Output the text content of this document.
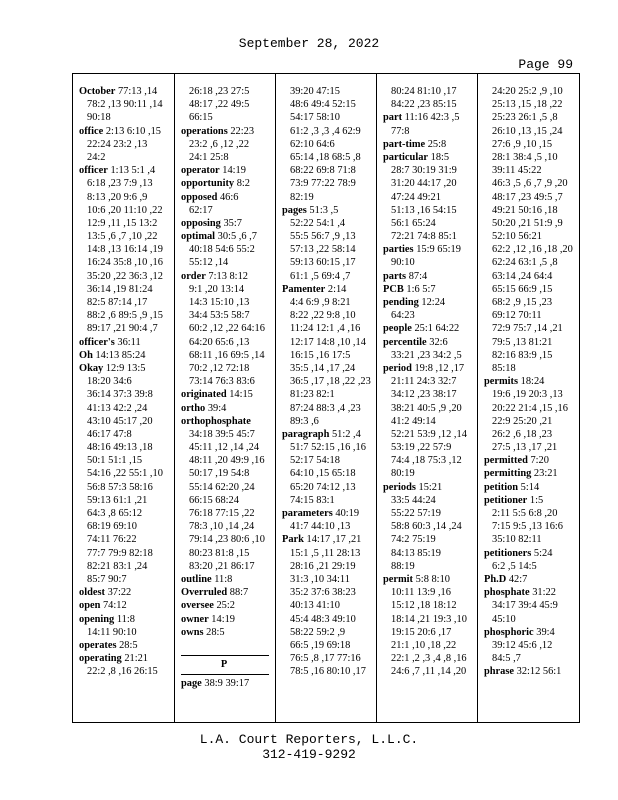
September 28, 2022
Page 99
October 77:13 ,14
78:2 ,13 90:11 ,14
90:18
office 2:13 6:10 ,15
22:24 23:2 ,13
24:2
officer 1:13 5:1 ,4
6:18 ,23 7:9 ,13
8:13 ,20 9:6 ,9
10:6 ,20 11:10 ,22
12:9 ,11 ,15 13:2
13:5 ,6 ,7 ,10 ,22
14:8 ,13 16:14 ,19
16:24 35:8 ,10 ,16
35:20 ,22 36:3 ,12
36:14 ,19 81:24
82:5 87:14 ,17
88:2 ,6 89:5 ,9 ,15
89:17 ,21 90:4 ,7
officer's 36:11
Oh 14:13 85:24
Okay 12:9 13:5
18:20 34:6
36:14 37:3 39:8
41:13 42:2 ,24
43:10 45:17 ,20
46:17 47:8
48:16 49:13 ,18
50:1 51:1 ,15
54:16 ,22 55:1 ,10
56:8 57:3 58:16
59:13 61:1 ,21
64:3 ,8 65:12
68:19 69:10
74:11 76:22
77:7 79:9 82:18
82:21 83:1 ,24
85:7 90:7
oldest 37:22
open 74:12
opening 11:8
14:11 90:10
operates 28:5
operating 21:21
22:2 ,8 ,16 26:15
26:18 ,23 27:5
48:17 ,22 49:5
66:15
operations 22:23
23:2 ,6 ,12 ,22
24:1 25:8
operator 14:19
opportunity 8:2
opposed 46:6
62:17
opposing 35:7
optimal 30:5 ,6 ,7
40:18 54:6 55:2
55:12 ,14
order 7:13 8:12
9:1 ,20 13:14
14:3 15:10 ,13
34:4 53:5 58:7
60:2 ,12 ,22 64:16
64:20 65:6 ,13
68:11 ,16 69:5 ,14
70:2 ,12 72:18
73:14 76:3 83:6
originated 14:15
ortho 39:4
orthophosphate
34:18 39:5 45:7
45:11 ,12 ,14 ,24
48:11 ,20 49:9 ,16
50:17 ,19 54:8
55:14 62:20 ,24
66:15 68:24
76:18 77:15 ,22
78:3 ,10 ,14 ,24
79:14 ,23 80:6 ,10
80:23 81:8 ,15
83:20 ,21 86:17
outline 11:8
Overruled 88:7
oversee 25:2
owner 14:19
owns 28:5
P
page 38:9 39:17
39:20 47:15
48:6 49:4 52:15
54:17 58:10
61:2 ,3 ,3 ,4 62:9
62:10 64:6
65:14 ,18 68:5 ,8
68:22 69:8 71:8
73:9 77:22 78:9
82:19
pages 51:3 ,5
52:22 54:1 ,4
55:5 56:7 ,9 ,13
57:13 ,22 58:14
59:13 60:15 ,17
61:1 ,5 69:4 ,7
Pamenter 2:14
4:4 6:9 ,9 8:21
8:22 ,22 9:8 ,10
11:24 12:1 ,4 ,16
12:17 14:8 ,10 ,14
16:15 ,16 17:5
35:5 ,14 ,17 ,24
36:5 ,17 ,18 ,22 ,23
81:23 82:1
87:24 88:3 ,4 ,23
89:3 ,6
paragraph 51:2 ,4
51:7 52:15 ,16 ,16
52:17 54:18
64:10 ,15 65:18
65:20 74:12 ,13
74:15 83:1
parameters 40:19
41:7 44:10 ,13
Park 14:17 ,17 ,21
15:1 ,5 ,11 28:13
28:16 ,21 29:19
31:3 ,10 34:11
35:2 37:6 38:23
40:13 41:10
45:4 48:3 49:10
58:22 59:2 ,9
66:5 ,19 69:18
76:5 ,8 ,17 77:16
78:5 ,16 80:10 ,17
80:24 81:10 ,17
84:22 ,23 85:15
part 11:16 42:3 ,5
77:8
part-time 25:8
particular 18:5
28:7 30:19 31:9
31:20 44:17 ,20
47:24 49:21
51:13 ,16 54:15
56:1 65:24
72:21 74:8 85:1
parties 15:9 65:19
90:10
parts 87:4
PCB 1:6 5:7
pending 12:24
64:23
people 25:1 64:22
percentile 32:6
33:21 ,23 34:2 ,5
period 19:8 ,12 ,17
21:11 24:3 32:7
34:12 ,23 38:17
38:21 40:5 ,9 ,20
41:2 49:14
52:21 53:9 ,12 ,14
53:19 ,22 57:9
74:4 ,18 75:3 ,12
80:19
periods 15:21
33:5 44:24
55:22 57:19
58:8 60:3 ,14 ,24
74:2 75:19
84:13 85:19
88:19
permit 5:8 8:10
10:11 13:9 ,16
15:12 ,18 18:12
18:14 ,21 19:3 ,10
19:15 20:6 ,17
21:1 ,10 ,18 ,22
22:1 ,2 ,3 ,4 ,8 ,16
24:6 ,7 ,11 ,14 ,20
24:20 25:2 ,9 ,10
25:13 ,15 ,18 ,22
25:23 26:1 ,5 ,8
26:10 ,13 ,15 ,24
27:6 ,9 ,10 ,15
28:1 38:4 ,5 ,10
39:11 45:22
46:3 ,5 ,6 ,7 ,9 ,20
48:17 ,23 49:5 ,7
49:21 50:16 ,18
50:20 ,21 51:9 ,9
52:10 56:21
62:2 ,12 ,16 ,18 ,20
62:24 63:1 ,5 ,8
63:14 ,24 64:4
65:15 66:9 ,15
68:2 ,9 ,15 ,23
69:12 70:11
72:9 75:7 ,14 ,21
79:5 ,13 81:21
82:16 83:9 ,15
85:18
permits 18:24
19:6 ,19 20:3 ,13
20:22 21:4 ,15 ,16
22:9 25:20 ,21
26:2 ,6 ,18 ,23
27:5 ,13 ,17 ,21
permitted 7:20
permitting 23:21
petition 5:14
petitioner 1:5
2:11 5:5 6:8 ,20
7:15 9:5 ,13 16:6
35:10 82:11
petitioners 5:24
6:2 ,5 14:5
Ph.D 42:7
phosphate 31:22
34:17 39:4 45:9
45:10
phosphoric 39:4
39:12 45:6 ,12
84:5 ,7
phrase 32:12 56:1
L.A. Court Reporters, L.L.C.
312-419-9292
